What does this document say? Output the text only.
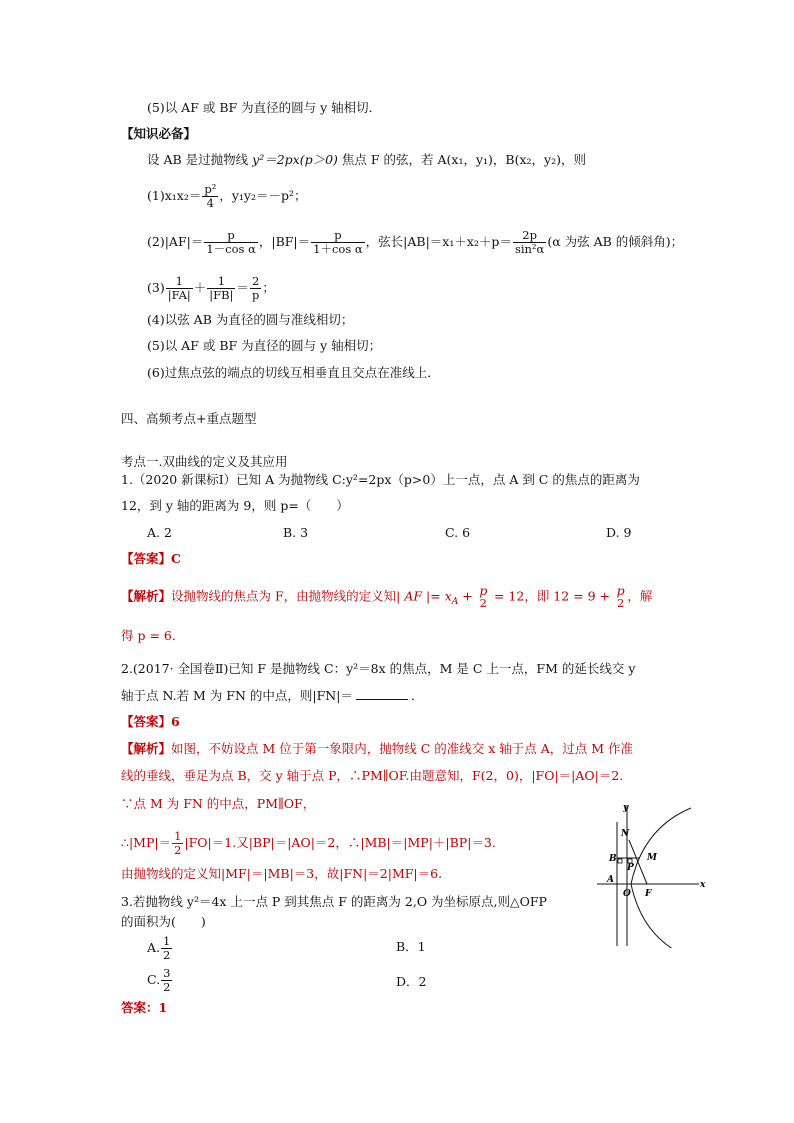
(5)以 AF 或 BF 为直径的圆与 y 轴相切．
【知识必备】
设 AB 是过抛物线 y²＝2px(p＞0) 焦点 F 的弦，若 A(x₁，y₁)，B(x₂，y₂)，则
$(1)x_1x_2= \frac{\text{p²}}{4}$ ，y₁y₂＝－p²；
$(2)|AF|= \frac{p}{\text{1－cos α}}$ ，$|BF|= \frac{p}{\text{1＋cos α}}$ ，弦长$|AB|=x_1+x_2+p= \frac{2p}{\text{sin²α}} (\alpha$ 为弦 AB 的倾斜角)；
$(3) \frac{1}{|FA|} + \frac{1}{|FB|} = \frac{2}{p}$ ；
(4)以弦 AB 为直径的圆与准线相切；
(5)以 AF 或 BF 为直径的圆与 y 轴相切；
(6)过焦点弦的端点的切线互相垂直且交点在准线上．
四、高频考点+重点题型
考点一.双曲线的定义及其应用
1.（2020 新课标Ⅰ）已知 A 为抛物线 C:y²=2px（p>0）上一点，点 A 到 C 的焦点的距离为
12，到 y 轴的距离为 9，则 p=（　　）
A. 2	B. 3	C. 6	D. 9
【答案】C
【解析】设抛物线的焦点为 F，由抛物线的定义知| AF |= $x_A + p$
2 = 12，即 12 = 9 + p
2 ，解
得 p = 6．
2.(2017· 全国卷Ⅱ)已知 F 是抛物线 C：y²＝8x 的焦点，M 是 C 上一点，FM 的延长线交 y
轴于点 N.若 M 为 FN 的中点，则|FN|＝	．
【答案】6
【解析】如图，不妨设点 M 位于第一象限内，抛物线 C 的准线交 x 轴于点 A，过点 M 作准
线的垂线，垂足为点 B，交 y 轴于点 P，∴PM∥OF.由题意知，F(2，0)，|FO|＝|AO|＝2.
∵点 M 为 FN 的中点，PM∥OF，
∴|MP|＝ $\frac{1}{2} |FO|=1$.又|BP|＝|AO|＝2，∴|MB|＝|MP|＋|BP|＝3.
由抛物线的定义知|MF|＝|MB|＝3，故|FN|＝2|MF|＝6.
y
N
B
P
M
A
O F
x
3.若抛物线 y²＝4x 上一点 P 到其焦点 F 的距离为 2,O 为坐标原点,则△OFP
的面积为(　　)
A. $\frac{1}{2}$	B．1
C. $\frac{3}{2}$	D．2
答案：1
